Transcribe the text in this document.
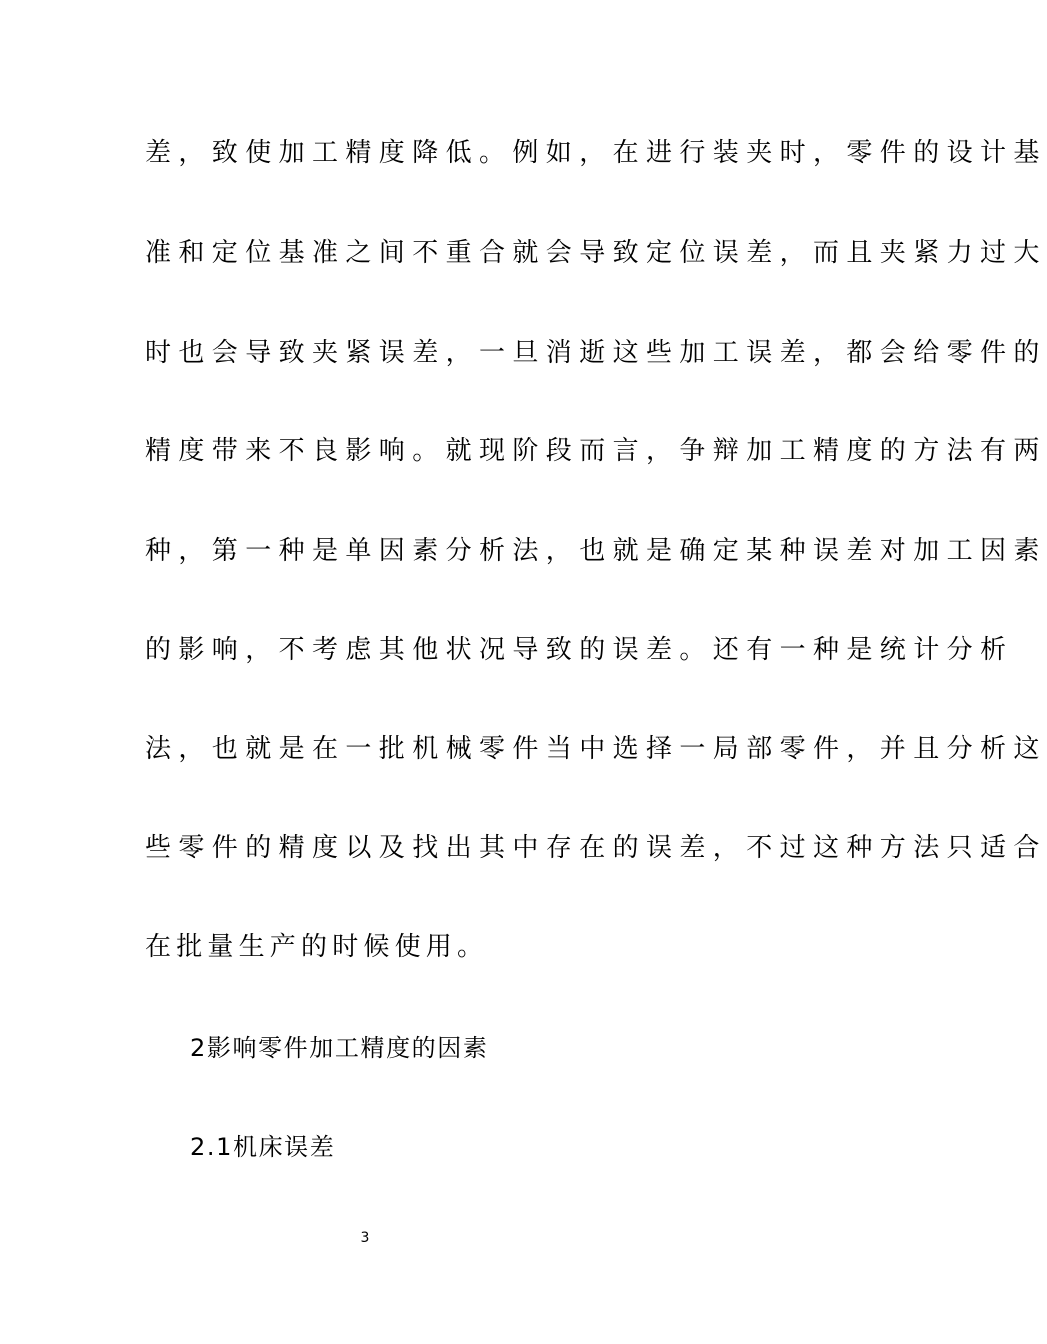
差，致使加工精度降低。例如，在进行装夹时，零件的设计基
准和定位基准之间不重合就会导致定位误差，而且夹紧力过大
时也会导致夹紧误差，一旦消逝这些加工误差，都会给零件的
精度带来不良影响。就现阶段而言，争辩加工精度的方法有两
种，第一种是单因素分析法，也就是确定某种误差对加工因素
的影响，不考虑其他状况导致的误差。还有一种是统计分析
法，也就是在一批机械零件当中选择一局部零件，并且分析这
些零件的精度以及找出其中存在的误差，不过这种方法只适合
在批量生产的时候使用。
2影响零件加工精度的因素
2.1机床误差
3
